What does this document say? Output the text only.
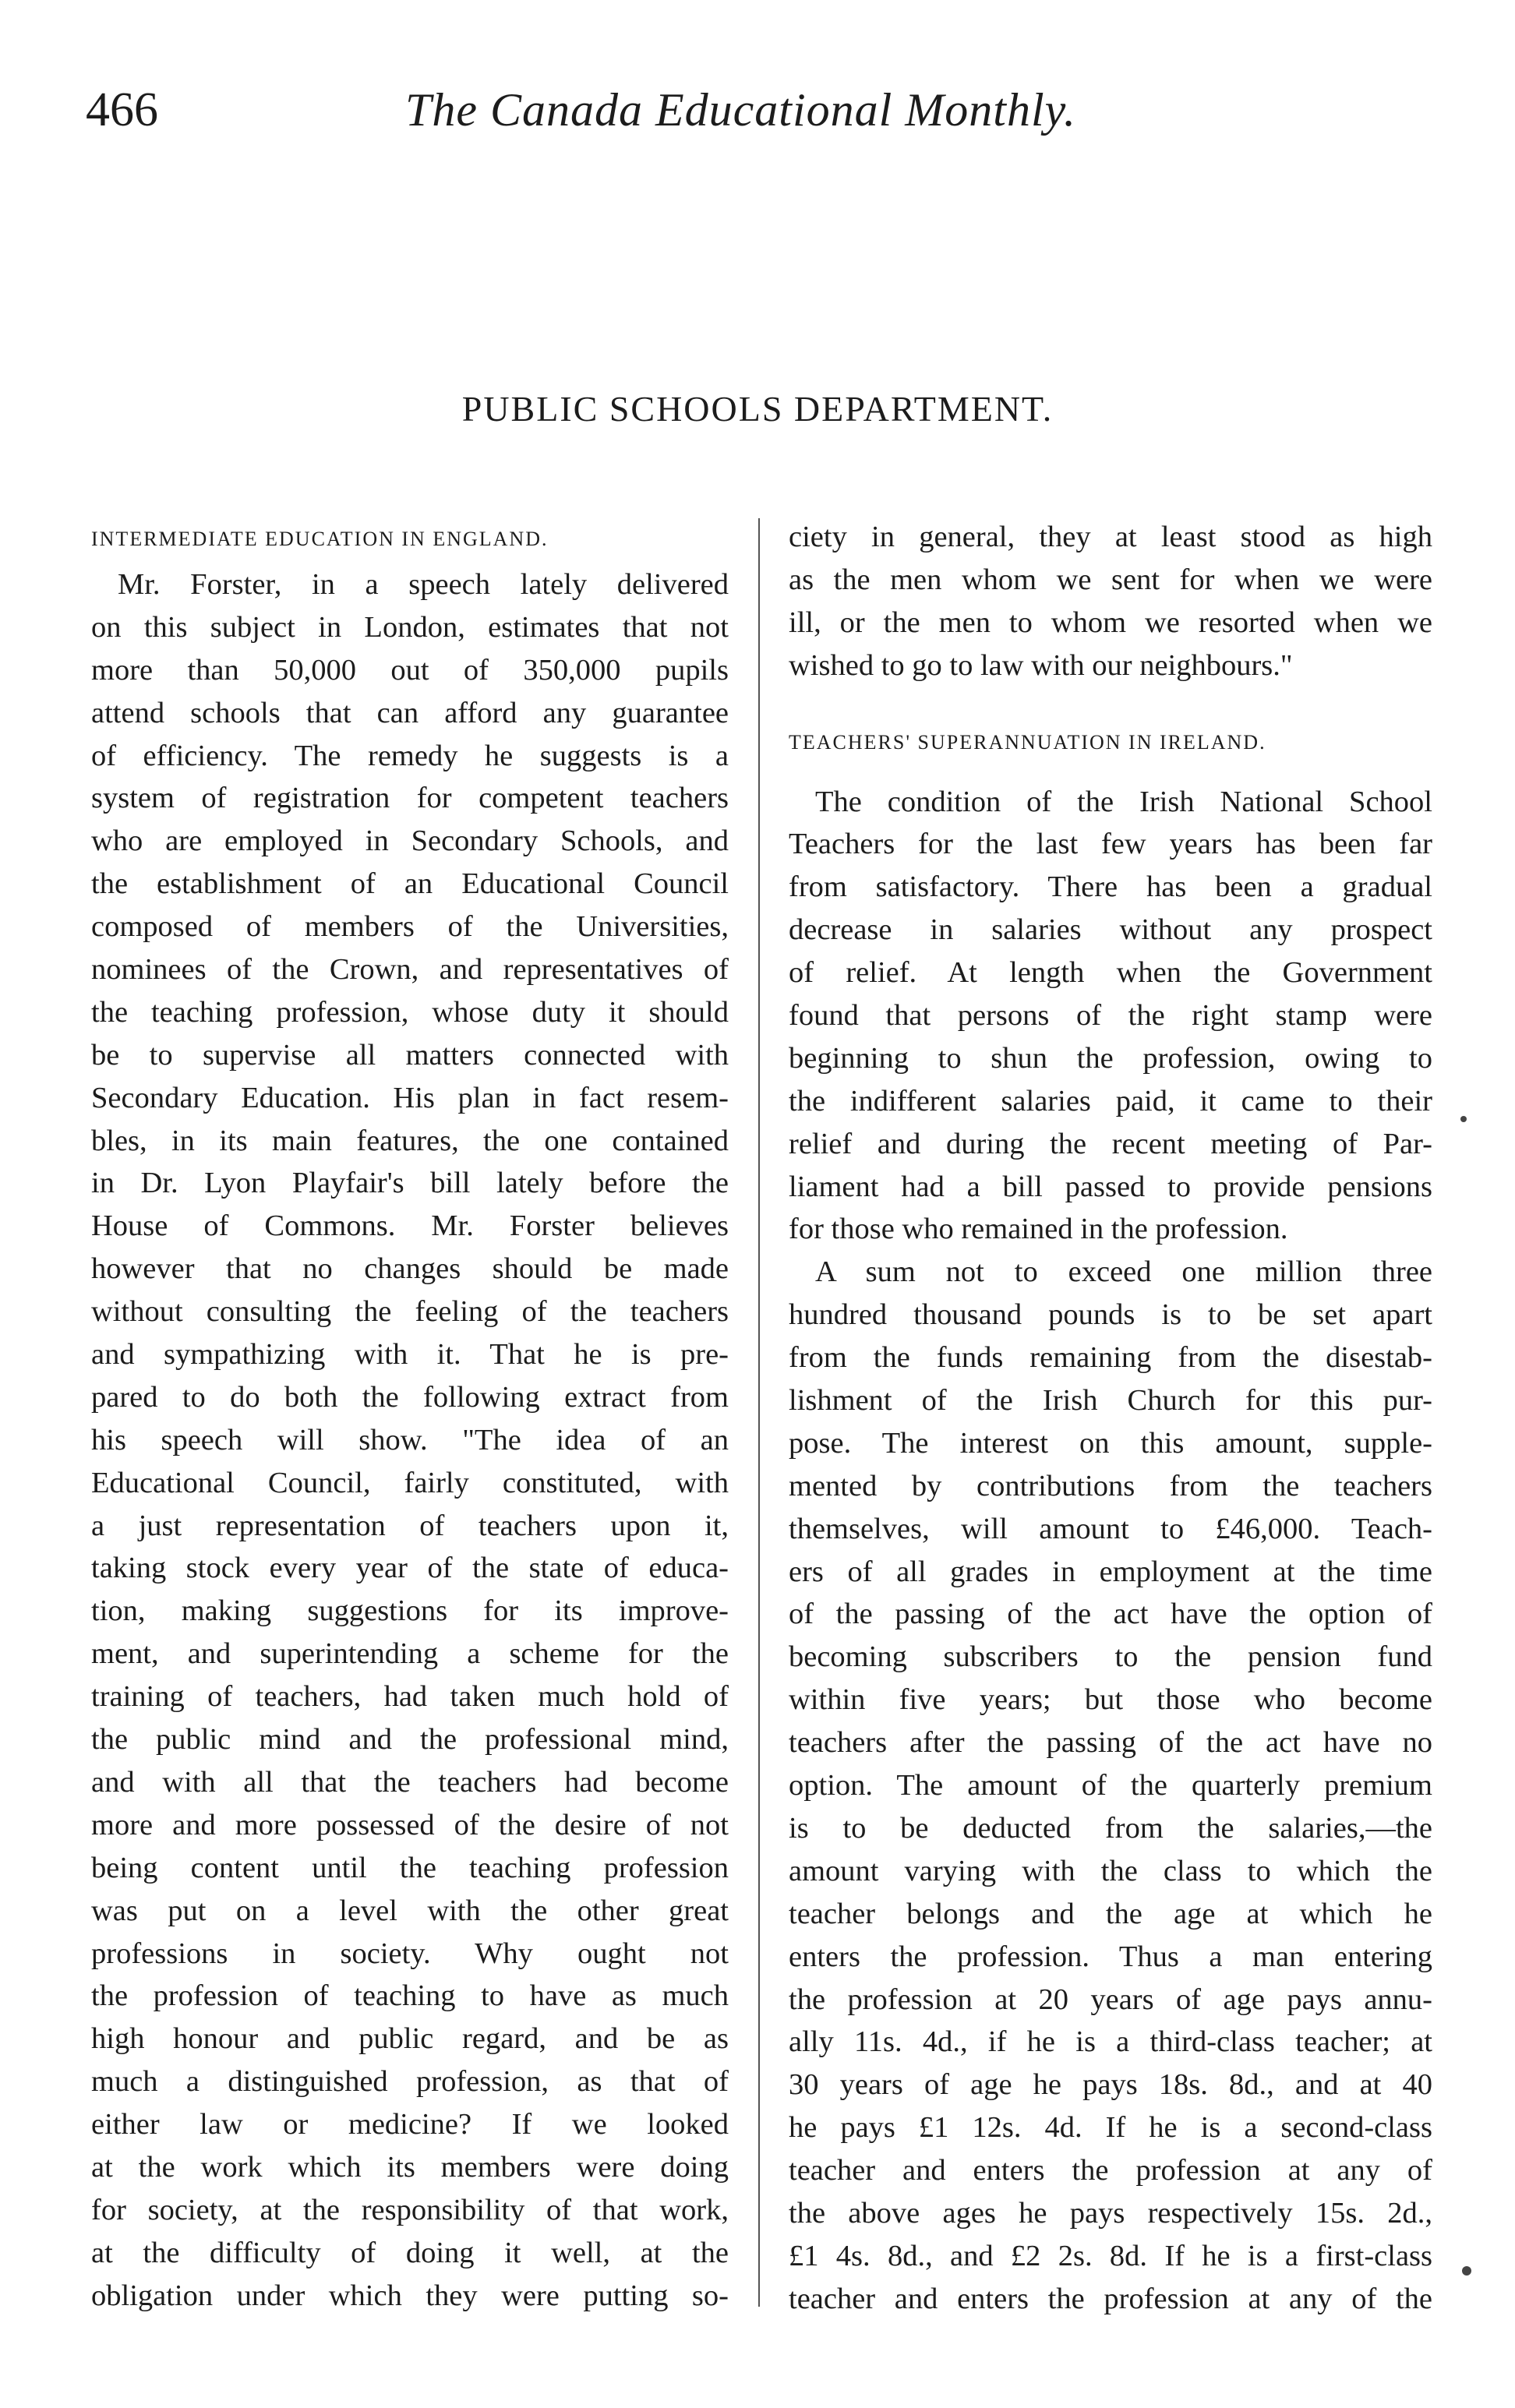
466	The Canada Educational Monthly.
PUBLIC SCHOOLS DEPARTMENT.
INTERMEDIATE EDUCATION IN ENGLAND.
Mr. Forster, in a speech lately delivered
on this subject in London, estimates that not
more than 50,000 out of 350,000 pupils
attend schools that can afford any guarantee
of efficiency. The remedy he suggests is a
system of registration for competent teachers
who are employed in Secondary Schools, and
the establishment of an Educational Council
composed of members of the Universities,
nominees of the Crown, and representatives of
the teaching profession, whose duty it should
be to supervise all matters connected with
Secondary Education. His plan in fact resem-
bles, in its main features, the one contained
in Dr. Lyon Playfair's bill lately before the
House of Commons. Mr. Forster believes
however that no changes should be made
without consulting the feeling of the teachers
and sympathizing with it. That he is pre-
pared to do both the following extract from
his speech will show. "The idea of an
Educational Council, fairly constituted, with
a just representation of teachers upon it,
taking stock every year of the state of educa-
tion, making suggestions for its improve-
ment, and superintending a scheme for the
training of teachers, had taken much hold of
the public mind and the professional mind,
and with all that the teachers had become
more and more possessed of the desire of not
being content until the teaching profession
was put on a level with the other great
professions in society. Why ought not
the profession of teaching to have as much
high honour and public regard, and be as
much a distinguished profession, as that of
either law or medicine? If we looked
at the work which its members were doing
for society, at the responsibility of that work,
at the difficulty of doing it well, at the
obligation under which they were putting so-
ciety in general, they at least stood as high
as the men whom we sent for when we were
ill, or the men to whom we resorted when we
wished to go to law with our neighbours."
TEACHERS' SUPERANNUATION IN IRELAND.
The condition of the Irish National School
Teachers for the last few years has been far
from satisfactory. There has been a gradual
decrease in salaries without any prospect
of relief. At length when the Government
found that persons of the right stamp were
beginning to shun the profession, owing to
the indifferent salaries paid, it came to their
relief and during the recent meeting of Par-
liament had a bill passed to provide pensions
for those who remained in the profession.
A sum not to exceed one million three
hundred thousand pounds is to be set apart
from the funds remaining from the disestab-
lishment of the Irish Church for this pur-
pose. The interest on this amount, supple-
mented by contributions from the teachers
themselves, will amount to £46,000. Teach-
ers of all grades in employment at the time
of the passing of the act have the option of
becoming subscribers to the pension fund
within five years; but those who become
teachers after the passing of the act have no
option. The amount of the quarterly premium
is to be deducted from the salaries,—the
amount varying with the class to which the
teacher belongs and the age at which he
enters the profession. Thus a man entering
the profession at 20 years of age pays annu-
ally 11s. 4d., if he is a third-class teacher; at
30 years of age he pays 18s. 8d., and at 40
he pays £1 12s. 4d. If he is a second-class
teacher and enters the profession at any of
the above ages he pays respectively 15s. 2d.,
£1 4s. 8d., and £2 2s. 8d. If he is a first-class
teacher and enters the profession at any of the
